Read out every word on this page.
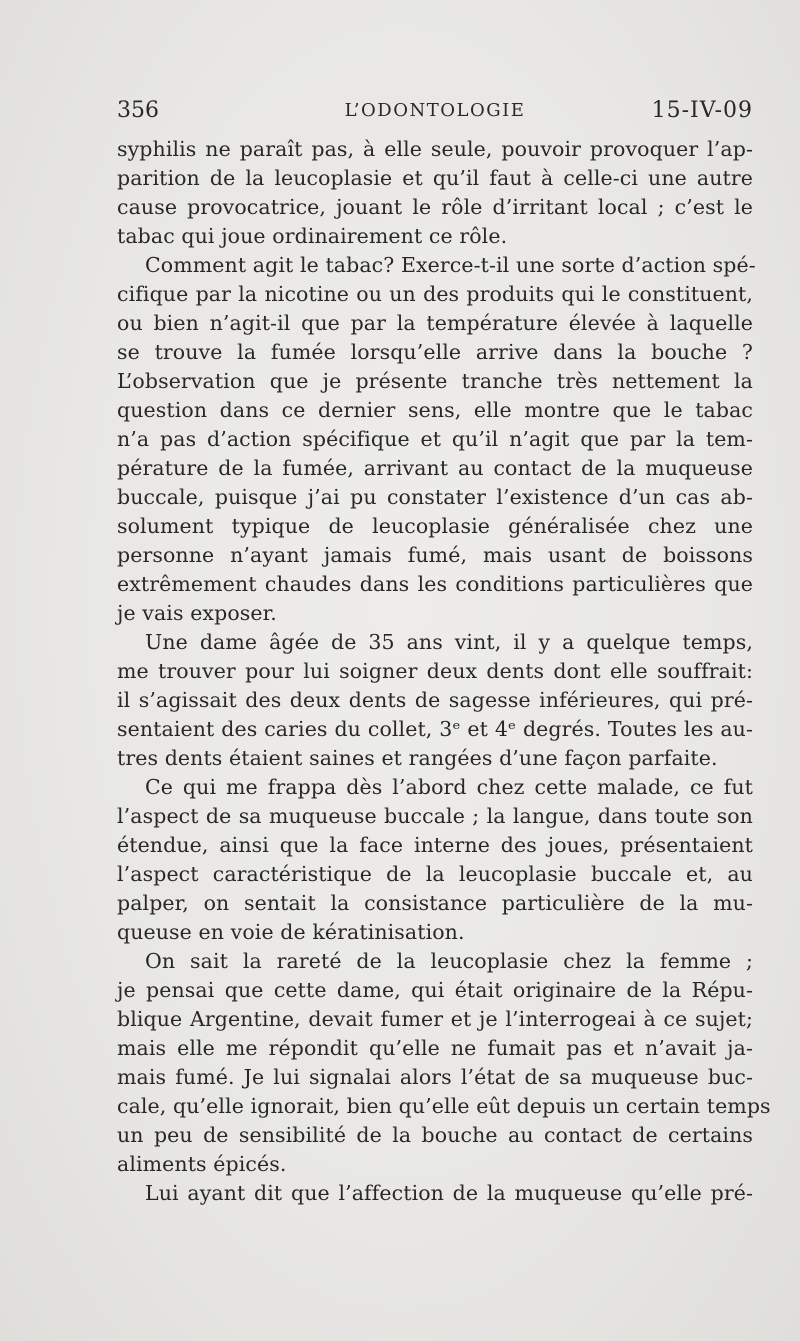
356	L’ODONTOLOGIE	15-IV-09
syphilis ne paraît pas, à elle seule, pouvoir provoquer l’ap-
parition de la leucoplasie et qu’il faut à celle-ci une autre
cause provocatrice, jouant le rôle d’irritant local ; c’est le
tabac qui joue ordinairement ce rôle.
Comment agit le tabac? Exerce-t-il une sorte d’action spé-
cifique par la nicotine ou un des produits qui le constituent,
ou bien n’agit-il que par la température élevée à laquelle
se trouve la fumée lorsqu’elle arrive dans la bouche ?
L’observation que je présente tranche très nettement la
question dans ce dernier sens, elle montre que le tabac
n’a pas d’action spécifique et qu’il n’agit que par la tem-
pérature de la fumée, arrivant au contact de la muqueuse
buccale, puisque j’ai pu constater l’existence d’un cas ab-
solument typique de leucoplasie généralisée chez une
personne n’ayant jamais fumé, mais usant de boissons
extrêmement chaudes dans les conditions particulières que
je vais exposer.
Une dame âgée de 35 ans vint, il y a quelque temps,
me trouver pour lui soigner deux dents dont elle souffrait:
il s’agissait des deux dents de sagesse inférieures, qui pré-
sentaient des caries du collet, 3ᵉ et 4ᵉ degrés. Toutes les au-
tres dents étaient saines et rangées d’une façon parfaite.
Ce qui me frappa dès l’abord chez cette malade, ce fut
l’aspect de sa muqueuse buccale ; la langue, dans toute son
étendue, ainsi que la face interne des joues, présentaient
l’aspect caractéristique de la leucoplasie buccale et, au
palper, on sentait la consistance particulière de la mu-
queuse en voie de kératinisation.
On sait la rareté de la leucoplasie chez la femme ;
je pensai que cette dame, qui était originaire de la Répu-
blique Argentine, devait fumer et je l’interrogeai à ce sujet;
mais elle me répondit qu’elle ne fumait pas et n’avait ja-
mais fumé. Je lui signalai alors l’état de sa muqueuse buc-
cale, qu’elle ignorait, bien qu’elle eût depuis un certain temps
un peu de sensibilité de la bouche au contact de certains
aliments épicés.
Lui ayant dit que l’affection de la muqueuse qu’elle pré-
